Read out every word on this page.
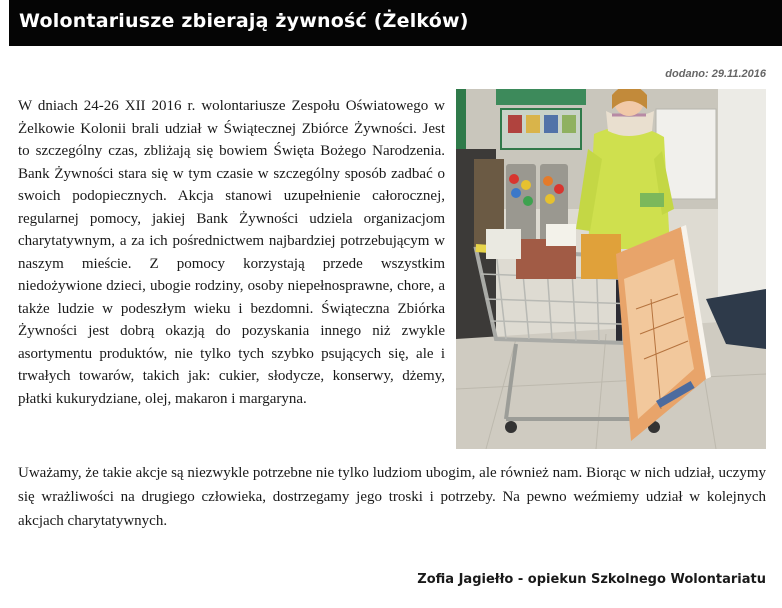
Wolontariusze zbierają żywność (Żelków)
dodano: 29.11.2016

W dniach 24-26 XII 2016 r. wolontariusze Zespołu Oświatowego w Żelkowie Kolonii brali udział w Świątecznej Zbiórce Żywności. Jest to szczególny czas, zbliżają się bowiem Święta Bożego Narodzenia. Bank Żywności stara się w tym czasie w szczególny sposób zadbać o swoich podopiecznych. Akcja stanowi uzupełnienie całorocznej, regularnej pomocy, jakiej Bank Żywności udziela organizacjom charytatywnym, a za ich pośrednictwem najbardziej potrzebującym w naszym mieście. Z pomocy korzystają przede wszystkim niedożywione dzieci, ubogie rodziny, osoby niepełnosprawne, chore, a także ludzie w podeszłym wieku i bezdomni. Świąteczna Zbiórka Żywności jest dobrą okazją do pozyskania innego niż zwykle asortymentu produktów, nie tylko tych szybko psujących się, ale i trwałych towarów, takich jak: cukier, słodycze, konserwy, dżemy, płatki kukurydziane, olej, makaron i margaryna.

Uważamy, że takie akcje są niezwykle potrzebne nie tylko ludziom ubogim, ale również nam. Biorąc w nich udział, uczymy się wrażliwości na drugiego człowieka, dostrzegamy jego troski i potrzeby. Na pewno weźmiemy udział w kolejnych akcjach charytatywnych.

Zofia Jagiełło - opiekun Szkolnego Wolontariatu
